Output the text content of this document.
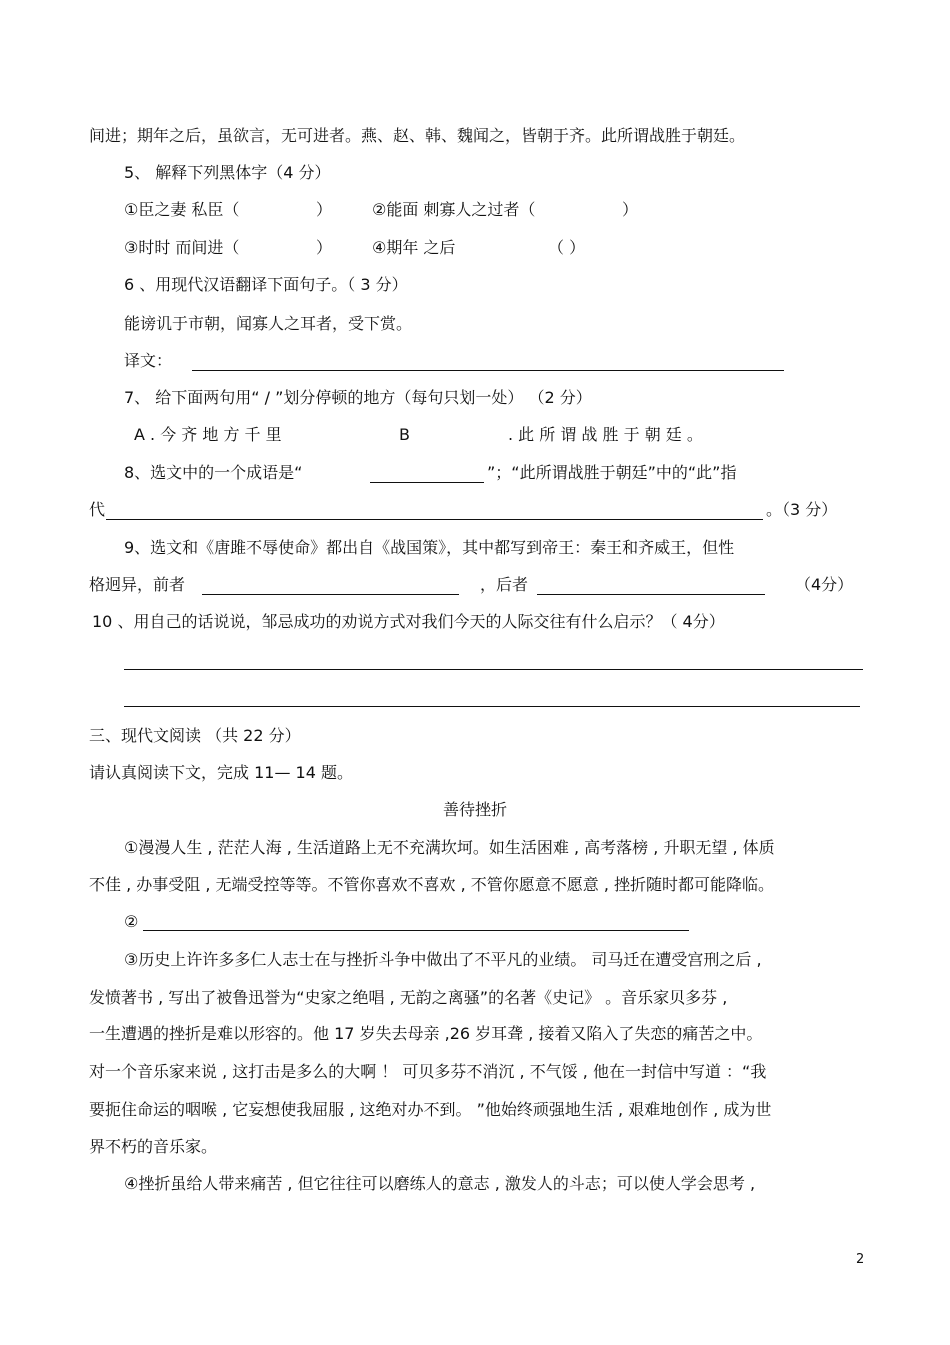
间进；期年之后，虽欲言，无可进者。燕、赵、韩、魏闻之，皆朝于齐。此所谓战胜于朝廷。
5、 解释下列黑体字（4 分）
①臣之妻 私臣（	） ②能面 刺寡人之过者（	）
③时时 而间进（	） ④期年 之后	（ ）
6 、用现代汉语翻译下面句子。（ 3 分）
能谤讥于市朝，闻寡人之耳者，受下赏。
译文：
7、 给下面两句用“ / ”划分停顿的地方（每句只划一处） （2 分）
A . 今 齐 地 方 千 里	B	. 此 所 谓 战 胜 于 朝 廷 。
8、选文中的一个成语是“	”；“此所谓战胜于朝廷”中的“此”指
代	。（3 分）
9、选文和《唐雎不辱使命》都出自《战国策》，其中都写到帝王：秦王和齐威王，但性
格迥异，前者	，后者	（4分）
10 、用自己的话说说，邹忌成功的劝说方式对我们今天的人际交往有什么启示？（ 4分）
三、现代文阅读 （共 22 分）
请认真阅读下文，完成 11— 14 题。
善待挫折
①漫漫人生 , 茫茫人海 , 生活道路上无不充满坎坷。如生活困难 , 高考落榜 , 升职无望 , 体质
不佳 , 办事受阻 , 无端受控等等。不管你喜欢不喜欢 , 不管你愿意不愿意 , 挫折随时都可能降临。
②
③历史上许许多多仁人志士在与挫折斗争中做出了不平凡的业绩。 司马迁在遭受宫刑之后 ,
发愤著书 , 写出了被鲁迅誉为“史家之绝唱 , 无韵之离骚”的名著《史记》 。音乐家贝多芬 ,
一生遭遇的挫折是难以形容的。他 17 岁失去母亲 ,26 岁耳聋 , 接着又陷入了失恋的痛苦之中。
对一个音乐家来说 , 这打击是多么的大啊 ！ 可贝多芬不消沉 , 不气馁 , 他在一封信中写道 ：“我
要扼住命运的咽喉 , 它妄想使我屈服 , 这绝对办不到。 ”他始终顽强地生活 , 艰难地创作 , 成为世
界不朽的音乐家。
④挫折虽给人带来痛苦 , 但它往往可以磨练人的意志 , 激发人的斗志；可以使人学会思考 ,
2
